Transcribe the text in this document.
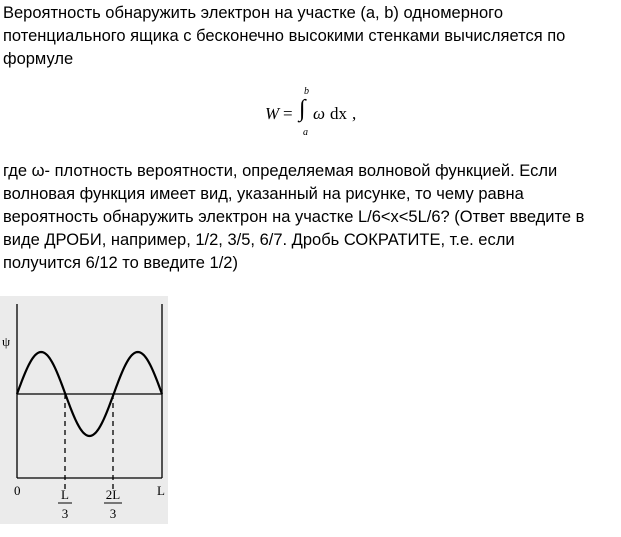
Вероятность обнаружить электрон на участке (a, b) одномерного
потенциального ящика с бесконечно высокими стенками вычисляется по
формуле
W =
b
∫
a
ω dx ,
где ω- плотность вероятности, определяемая волновой функцией. Если
волновая функция имеет вид, указанный на рисунке, то чему равна
вероятность обнаружить электрон на участке L/6<x<5L/6? (Ответ введите в
виде ДРОБИ, например, 1/2, 3/5, 6/7. Дробь СОКРАТИТЕ, т.е. если
получится 6/12 то введите 1/2)
ψ
0	L
L
3
2L
3
